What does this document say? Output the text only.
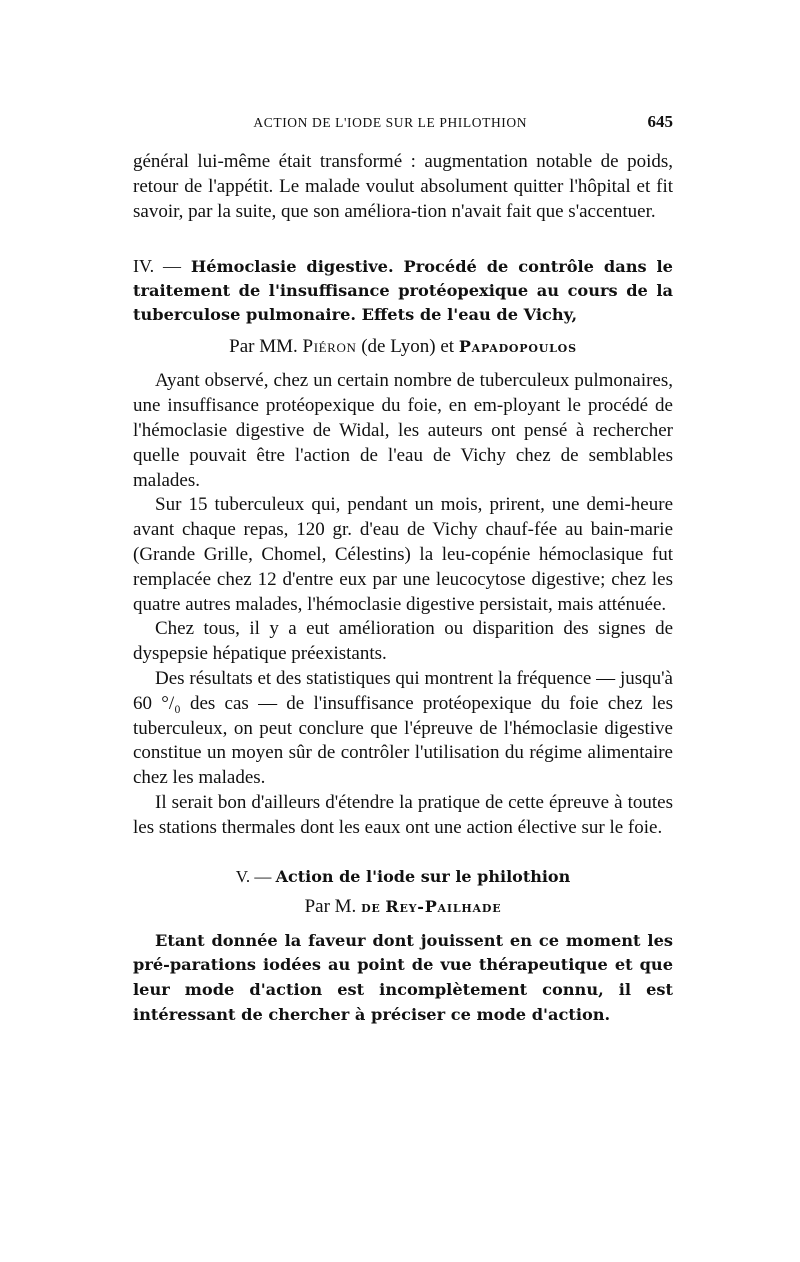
ACTION DE L'IODE SUR LE PHILOTHION	645

général lui-même était transformé : augmentation notable de poids, retour de l'appétit. Le malade voulut absolument quitter l'hôpital et fit savoir, par la suite, que son améliora-tion n'avait fait que s'accentuer.

IV. — Hémoclasie digestive. Procédé de contrôle dans le traitement de l'insuffisance protéopexique au cours de la tuberculose pulmonaire. Effets de l'eau de Vichy,
Par MM. Piéron (de Lyon) et Papadopoulos

Ayant observé, chez un certain nombre de tuberculeux pulmonaires, une insuffisance protéopexique du foie, en em-ployant le procédé de l'hémoclasie digestive de Widal, les auteurs ont pensé à rechercher quelle pouvait être l'action de l'eau de Vichy chez de semblables malades.

Sur 15 tuberculeux qui, pendant un mois, prirent, une demi-heure avant chaque repas, 120 gr. d'eau de Vichy chauf-fée au bain-marie (Grande Grille, Chomel, Célestins) la leu-copénie hémoclasique fut remplacée chez 12 d'entre eux par une leucocytose digestive; chez les quatre autres malades, l'hémoclasie digestive persistait, mais atténuée.

Chez tous, il y a eut amélioration ou disparition des signes de dyspepsie hépatique préexistants.

Des résultats et des statistiques qui montrent la fréquence — jusqu'à 60 °/₀ des cas — de l'insuffisance protéopexique du foie chez les tuberculeux, on peut conclure que l'épreuve de l'hémoclasie digestive constitue un moyen sûr de contrôler l'utilisation du régime alimentaire chez les malades.

Il serait bon d'ailleurs d'étendre la pratique de cette épreuve à toutes les stations thermales dont les eaux ont une action élective sur le foie.

V. — Action de l'iode sur le philothion
Par M. de Rey-Pailhade

Etant donnée la faveur dont jouissent en ce moment les pré-parations iodées au point de vue thérapeutique et que leur mode d'action est incomplètement connu, il est intéressant de chercher à préciser ce mode d'action.
